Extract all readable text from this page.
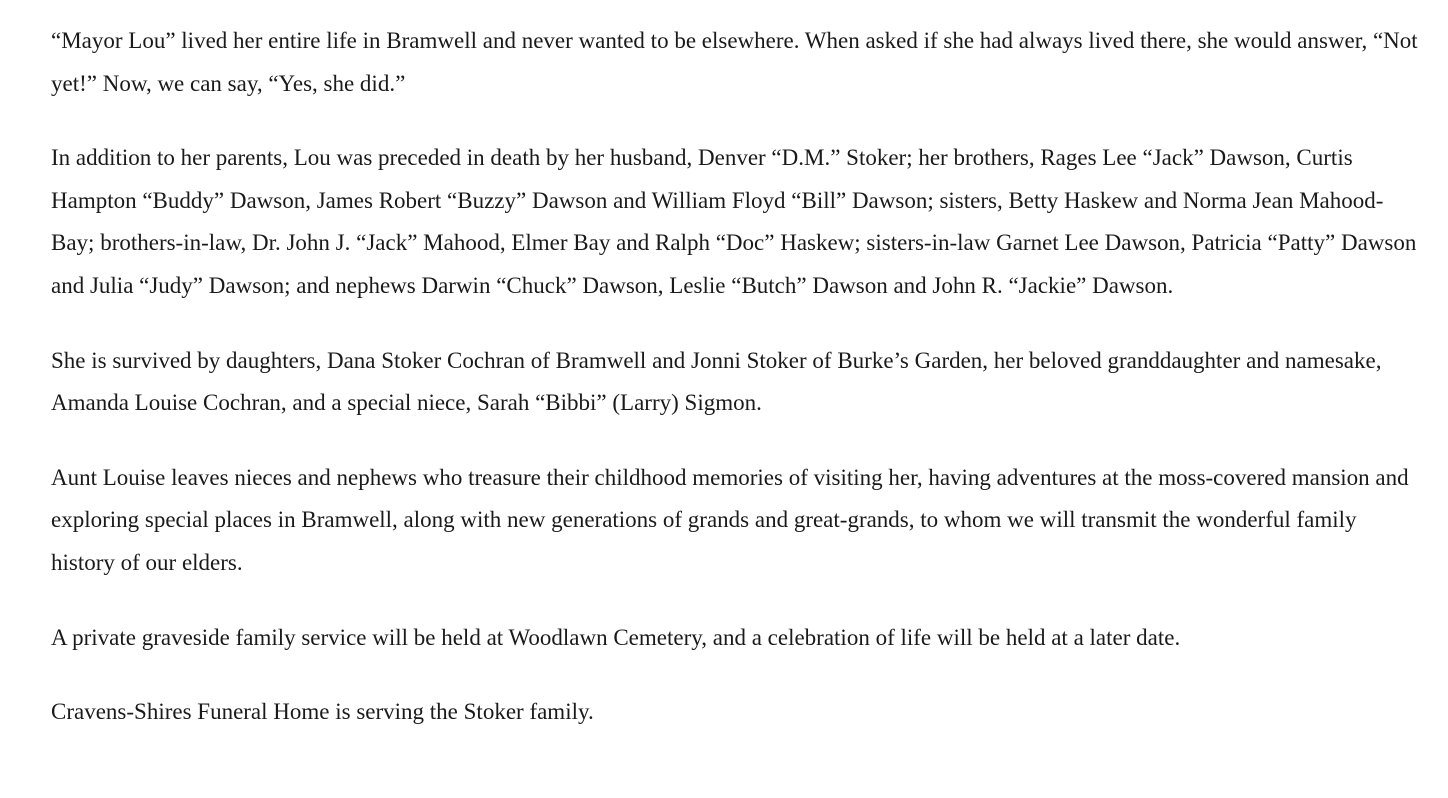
“Mayor Lou” lived her entire life in Bramwell and never wanted to be elsewhere. When asked if she had always lived there, she would answer, “Not yet!” Now, we can say, “Yes, she did.”

In addition to her parents, Lou was preceded in death by her husband, Denver “D.M.” Stoker; her brothers, Rages Lee “Jack” Dawson, Curtis Hampton “Buddy” Dawson, James Robert “Buzzy” Dawson and William Floyd “Bill” Dawson; sisters, Betty Haskew and Norma Jean Mahood-Bay; brothers-in-law, Dr. John J. “Jack” Mahood, Elmer Bay and Ralph “Doc” Haskew; sisters-in-law Garnet Lee Dawson, Patricia “Patty” Dawson and Julia “Judy” Dawson; and nephews Darwin “Chuck” Dawson, Leslie “Butch” Dawson and John R. “Jackie” Dawson.

She is survived by daughters, Dana Stoker Cochran of Bramwell and Jonni Stoker of Burke’s Garden, her beloved granddaughter and namesake, Amanda Louise Cochran, and a special niece, Sarah “Bibbi” (Larry) Sigmon.

Aunt Louise leaves nieces and nephews who treasure their childhood memories of visiting her, having adventures at the moss-covered mansion and exploring special places in Bramwell, along with new generations of grands and great-grands, to whom we will transmit the wonderful family history of our elders.

A private graveside family service will be held at Woodlawn Cemetery, and a celebration of life will be held at a later date.

Cravens-Shires Funeral Home is serving the Stoker family.
